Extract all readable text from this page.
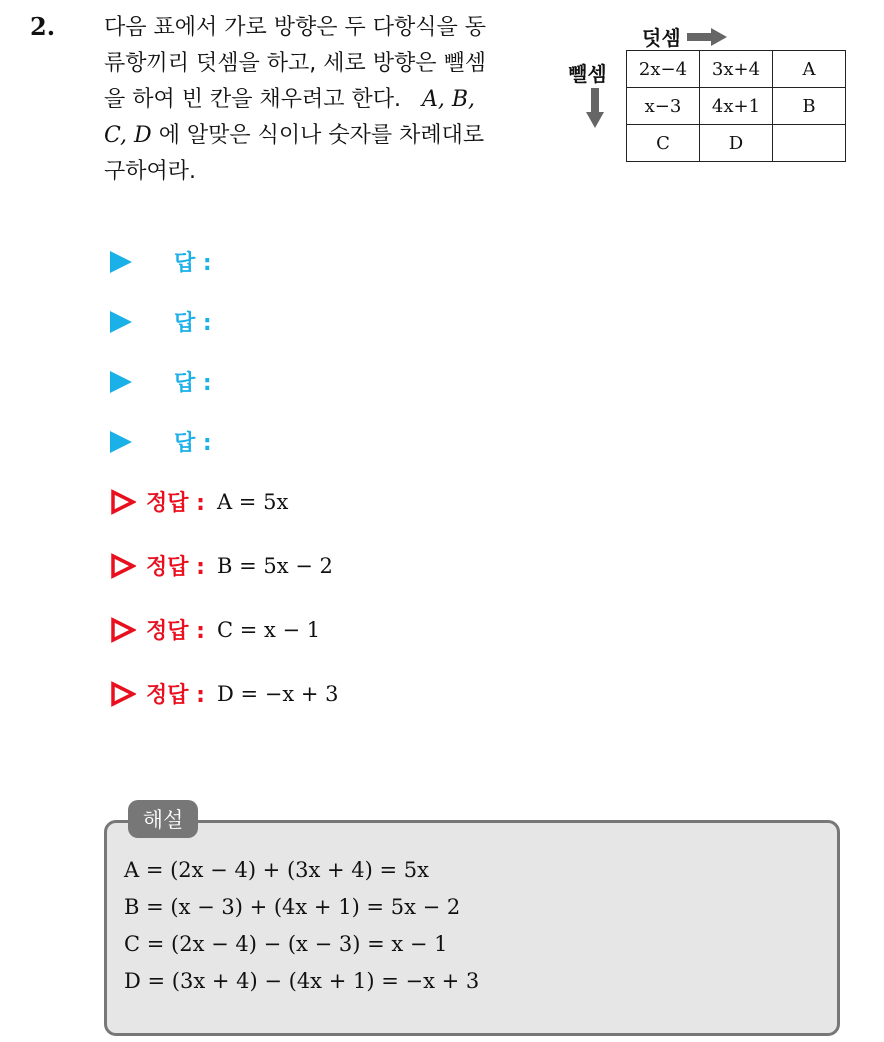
2. 다음 표에서 가로 방향은 두 다항식을 동
류항끼리 덧셈을 하고, 세로 방향은 뺄셈
을 하여 빈 칸을 채우려고 한다. A, B,
C, D 에 알맞은 식이나 숫자를 차례대로
구하여라.

덧셈
뺄셈 2x−4	3x+4	A
x−3	4x+1	B
C	D	
답 :
답 :
답 :
답 :
정답 : A = 5x
정답 : B = 5x − 2
정답 : C = x − 1
정답 : D = −x + 3
해설

A = (2x − 4) + (3x + 4) = 5x
B = (x − 3) + (4x + 1) = 5x − 2
C = (2x − 4) − (x − 3) = x − 1
D = (3x + 4) − (4x + 1) = −x + 3
